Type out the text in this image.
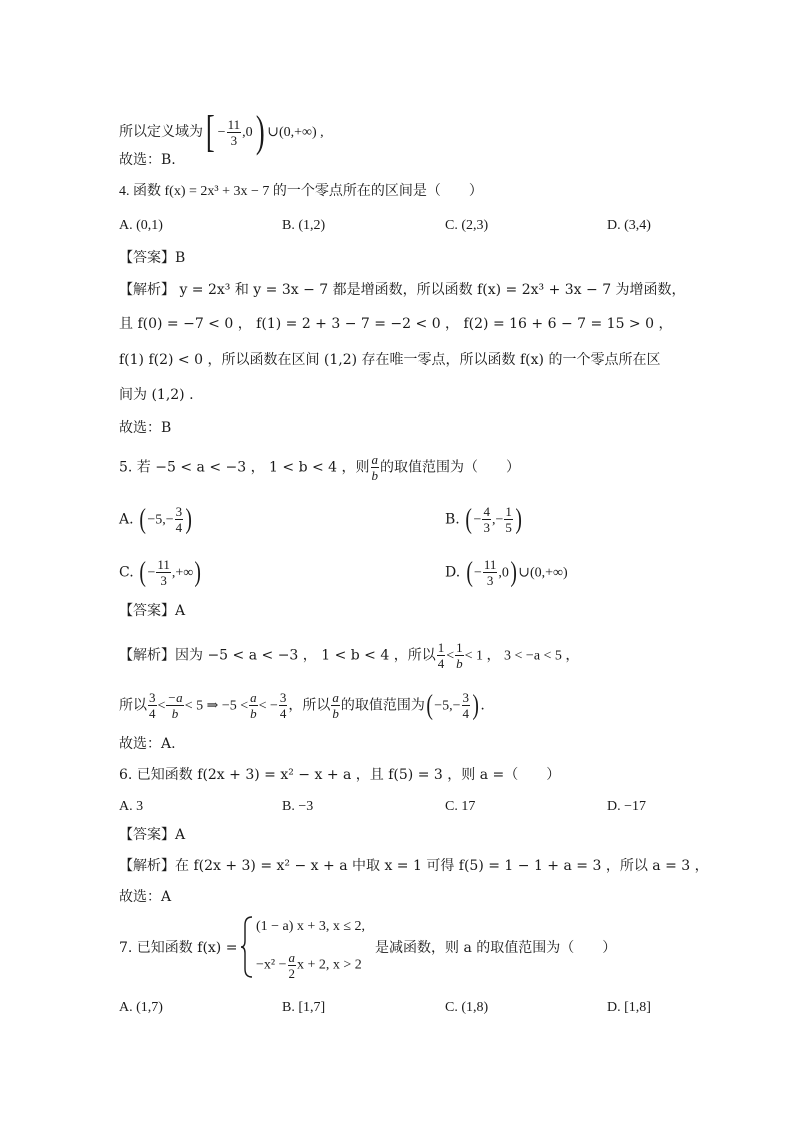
所以定义域为[ − $\frac{11}{3} ,0$) ∪(0,+∞) ,
故选：B.
4. 函数 f(x) = 2x³ + 3x − 7 的一个零点所在的区间是（　　）
A. (0,1)	B. (1,2)	C. (2,3)	D. (3,4)
【答案】B
【解析】 y = 2x³ 和 y = 3x − 7 都是增函数，所以函数 f(x) = 2x³ + 3x − 7 为增函数，
且 f(0) = −7 < 0 ， f(1) = 2 + 3 − 7 = −2 < 0 ， f(2) = 16 + 6 − 7 = 15 > 0 ，
f(1) f(2) < 0 ，所以函数在区间 (1,2) 存在唯一零点，所以函数 f(x) 的一个零点所在区
间为 (1,2) .
故选：B
5. 若 −5 < a < −3 ， 1 < b < 4 ，则 $\frac{a}{b}$ 的取值范围为（　　）
A. ($-5,- \frac{3}{4}$ )	B. (− $\frac{4}{3}$ ,− $\frac{1}{5}$ )
C. (− $\frac{11}{3}$ ,+∞)	D. (− $\frac{11}{3}$ ,0)∪(0,+∞)
【答案】A
【解析】因为 −5 < a < −3 ， 1 < b < 4 ，所以 $\frac{1}{4} < \frac{1}{b} < 1$ ， 3 < −a < 5 ，
所以 $\frac{3}{4} < \frac{-a}{b} < 5$ ⇒ $-5 < \frac{a}{b}$ < − $\frac{3}{4}$ ，所以 $\frac{a}{b}$ 的取值范围为($-5,- \frac{3}{4}$ ).
故选：A.
6. 已知函数 f(2x + 3) = x² − x + a ，且 f(5) = 3 ，则 a =（　　）
A. 3	B. −3	C. 17	D. −17
【答案】A
【解析】在 f(2x + 3) = x² − x + a 中取 x = 1 可得 f(5) = 1 − 1 + a = 3 ，所以 a = 3 ，
故选：A
7. 已知函数 f(x) =
(1 − a) x + 3, x ≤ 2,
$-x^2 - \frac{a}{2}$ x + 2, x > 2
是减函数，则 a 的取值范围为（　　）
A. (1,7)	B. [1,7]	C. (1,8)	D. [1,8]
